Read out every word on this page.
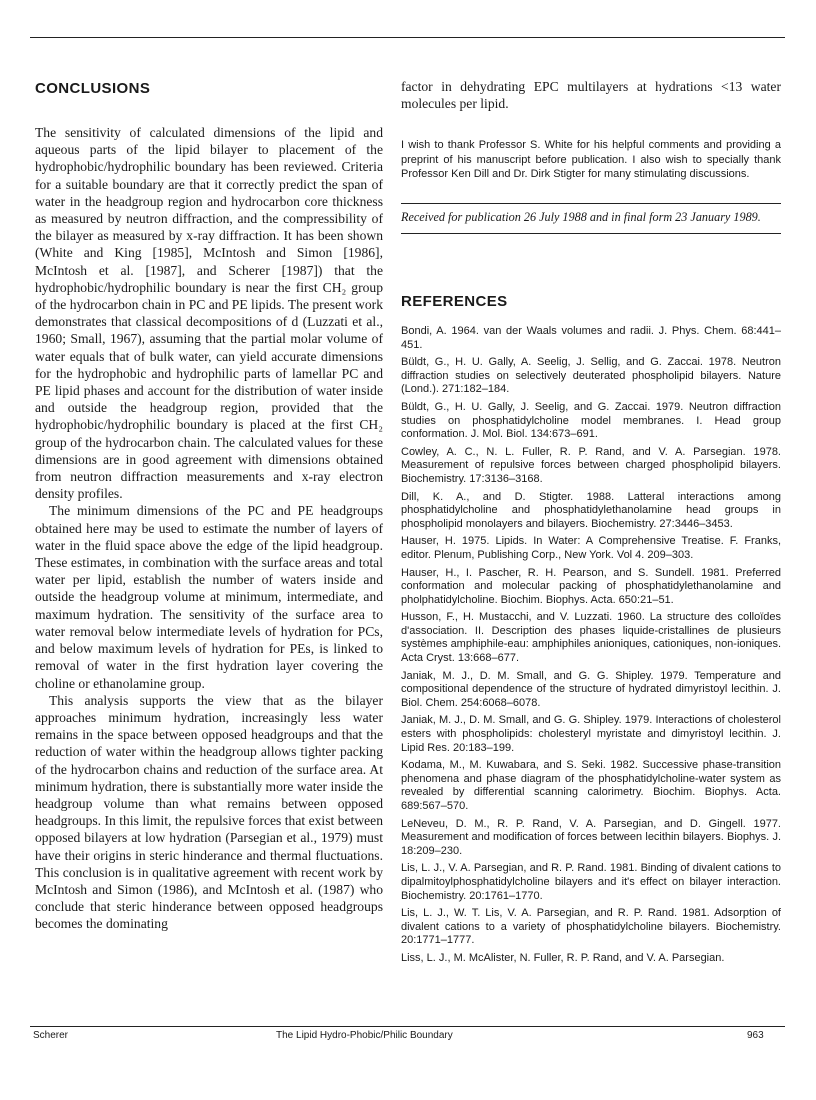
CONCLUSIONS

The sensitivity of calculated dimensions of the lipid and aqueous parts of the lipid bilayer to placement of the hydrophobic/hydrophilic boundary has been reviewed. Criteria for a suitable boundary are that it correctly predict the span of water in the headgroup region and hydrocarbon core thickness as measured by neutron diffraction, and the compressibility of the bilayer as measured by x-ray diffraction. It has been shown (White and King [1985], McIntosh and Simon [1986], McIntosh et al. [1987], and Scherer [1987]) that the hydrophobic/hydrophilic boundary is near the first CH₂ group of the hydrocarbon chain in PC and PE lipids. The present work demonstrates that classical decompositions of d (Luzzati et al., 1960; Small, 1967), assuming that the partial molar volume of water equals that of bulk water, can yield accurate dimensions for the hydrophobic and hydrophilic parts of lamellar PC and PE lipid phases and account for the distribution of water inside and outside the headgroup region, provided that the hydrophobic/hydrophilic boundary is placed at the first CH₂ group of the hydrocarbon chain. The calculated values for these dimensions are in good agreement with dimensions obtained from neutron diffraction measurements and x-ray electron density profiles.

The minimum dimensions of the PC and PE headgroups obtained here may be used to estimate the number of layers of water in the fluid space above the edge of the lipid headgroup. These estimates, in combination with the surface areas and total water per lipid, establish the number of waters inside and outside the headgroup volume at minimum, intermediate, and maximum hydration. The sensitivity of the surface area to water removal below intermediate levels of hydration for PCs, and below maximum levels of hydration for PEs, is linked to removal of water in the first hydration layer covering the choline or ethanolamine group.

This analysis supports the view that as the bilayer approaches minimum hydration, increasingly less water remains in the space between opposed headgroups and that the reduction of water within the headgroup allows tighter packing of the hydrocarbon chains and reduction of the surface area. At minimum hydration, there is substantially more water inside the headgroup volume than what remains between opposed headgroups. In this limit, the repulsive forces that exist between opposed bilayers at low hydration (Parsegian et al., 1979) must have their origins in steric hinderance and thermal fluctuations. This conclusion is in qualitative agreement with recent work by McIntosh and Simon (1986), and McIntosh et al. (1987) who conclude that steric hinderance between opposed headgroups becomes the dominating

factor in dehydrating EPC multilayers at hydrations <13 water molecules per lipid.

I wish to thank Professor S. White for his helpful comments and providing a preprint of his manuscript before publication. I also wish to specially thank Professor Ken Dill and Dr. Dirk Stigter for many stimulating discussions.

Received for publication 26 July 1988 and in final form 23 January 1989.

REFERENCES
Bondi, A. 1964. van der Waals volumes and radii. J. Phys. Chem. 68:441–451.
Büldt, G., H. U. Gally, A. Seelig, J. Sellig, and G. Zaccai. 1978. Neutron diffraction studies on selectively deuterated phospholipid bilayers. Nature (Lond.). 271:182–184.
Büldt, G., H. U. Gally, J. Seelig, and G. Zaccai. 1979. Neutron diffraction studies on phosphatidylcholine model membranes. I. Head group conformation. J. Mol. Biol. 134:673–691.
Cowley, A. C., N. L. Fuller, R. P. Rand, and V. A. Parsegian. 1978. Measurement of repulsive forces between charged phospholipid bilayers. Biochemistry. 17:3136–3168.
Dill, K. A., and D. Stigter. 1988. Latteral interactions among phosphatidylcholine and phosphatidylethanolamine head groups in phospholipid monolayers and bilayers. Biochemistry. 27:3446–3453.
Hauser, H. 1975. Lipids. In Water: A Comprehensive Treatise. F. Franks, editor. Plenum, Publishing Corp., New York. Vol 4. 209–303.
Hauser, H., I. Pascher, R. H. Pearson, and S. Sundell. 1981. Preferred conformation and molecular packing of phosphatidylethanolamine and pholphatidylcholine. Biochim. Biophys. Acta. 650:21–51.
Husson, F., H. Mustacchi, and V. Luzzati. 1960. La structure des colloïdes d'association. II. Description des phases liquide-cristallines de plusieurs systèmes amphiphile-eau: amphiphiles anioniques, cationiques, non-ioniques. Acta Cryst. 13:668–677.
Janiak, M. J., D. M. Small, and G. G. Shipley. 1979. Temperature and compositional dependence of the structure of hydrated dimyristoyl lecithin. J. Biol. Chem. 254:6068–6078.
Janiak, M. J., D. M. Small, and G. G. Shipley. 1979. Interactions of cholesterol esters with phospholipids: cholesteryl myristate and dimyristoyl lecithin. J. Lipid Res. 20:183–199.
Kodama, M., M. Kuwabara, and S. Seki. 1982. Successive phase-transition phenomena and phase diagram of the phosphatidylcholine-water system as revealed by differential scanning calorimetry. Biochim. Biophys. Acta. 689:567–570.
LeNeveu, D. M., R. P. Rand, V. A. Parsegian, and D. Gingell. 1977. Measurement and modification of forces between lecithin bilayers. Biophys. J. 18:209–230.
Lis, L. J., V. A. Parsegian, and R. P. Rand. 1981. Binding of divalent cations to dipalmitoylphosphatidylcholine bilayers and it's effect on bilayer interaction. Biochemistry. 20:1761–1770.
Lis, L. J., W. T. Lis, V. A. Parsegian, and R. P. Rand. 1981. Adsorption of divalent cations to a variety of phosphatidylcholine bilayers. Biochemistry. 20:1771–1777.
Liss, L. J., M. McAlister, N. Fuller, R. P. Rand, and V. A. Parsegian.
Scherer	The Lipid Hydro-Phobic/Philic Boundary	963
